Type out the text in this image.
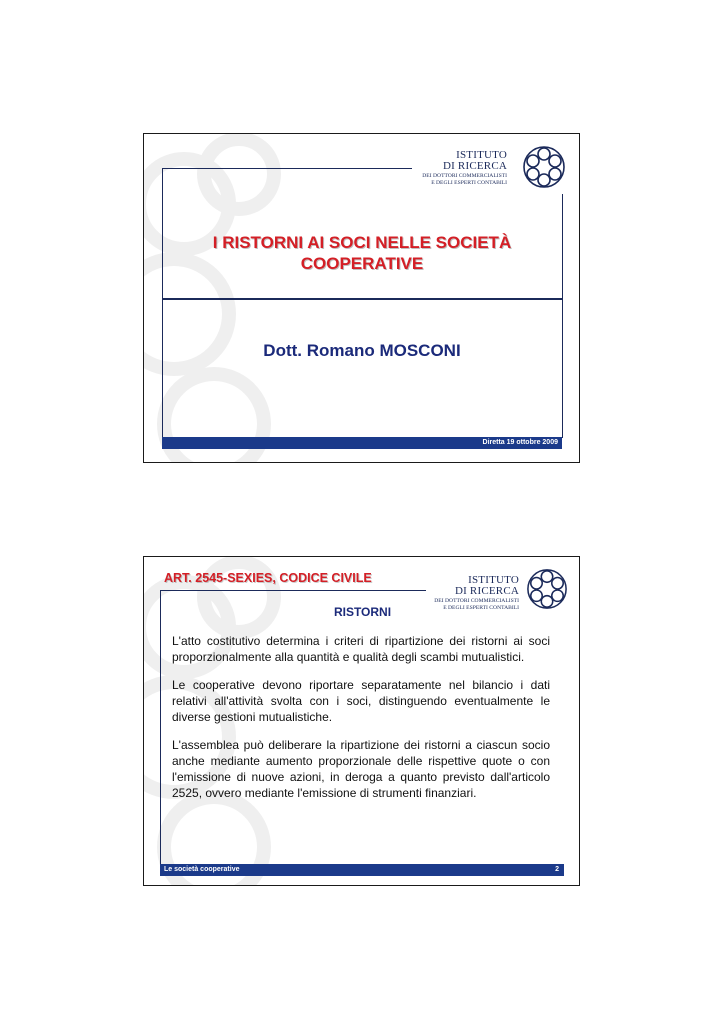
ISTITUTO
DI RICERCA
DEI DOTTORI COMMERCIALISTI
E DEGLI ESPERTI CONTABILI
I RISTORNI AI SOCI NELLE SOCIETÀ
COOPERATIVE
Dott. Romano MOSCONI
Diretta 19 ottobre 2009
ART. 2545-SEXIES, CODICE CIVILE	ISTITUTO
DI RICERCA
DEI DOTTORI COMMERCIALISTI
E DEGLI ESPERTI CONTABILI
RISTORNI

L'atto costitutivo determina i criteri di ripartizione dei ristorni ai soci proporzionalmente alla quantità e qualità degli scambi mutualistici.

Le cooperative devono riportare separatamente nel bilancio i dati relativi all'attività svolta con i soci, distinguendo eventualmente le diverse gestioni mutualistiche.

L'assemblea può deliberare la ripartizione dei ristorni a ciascun socio anche mediante aumento proporzionale delle rispettive quote o con l'emissione di nuove azioni, in deroga a quanto previsto dall'articolo 2525, ovvero mediante l'emissione di strumenti finanziari.

Le società cooperative	2
